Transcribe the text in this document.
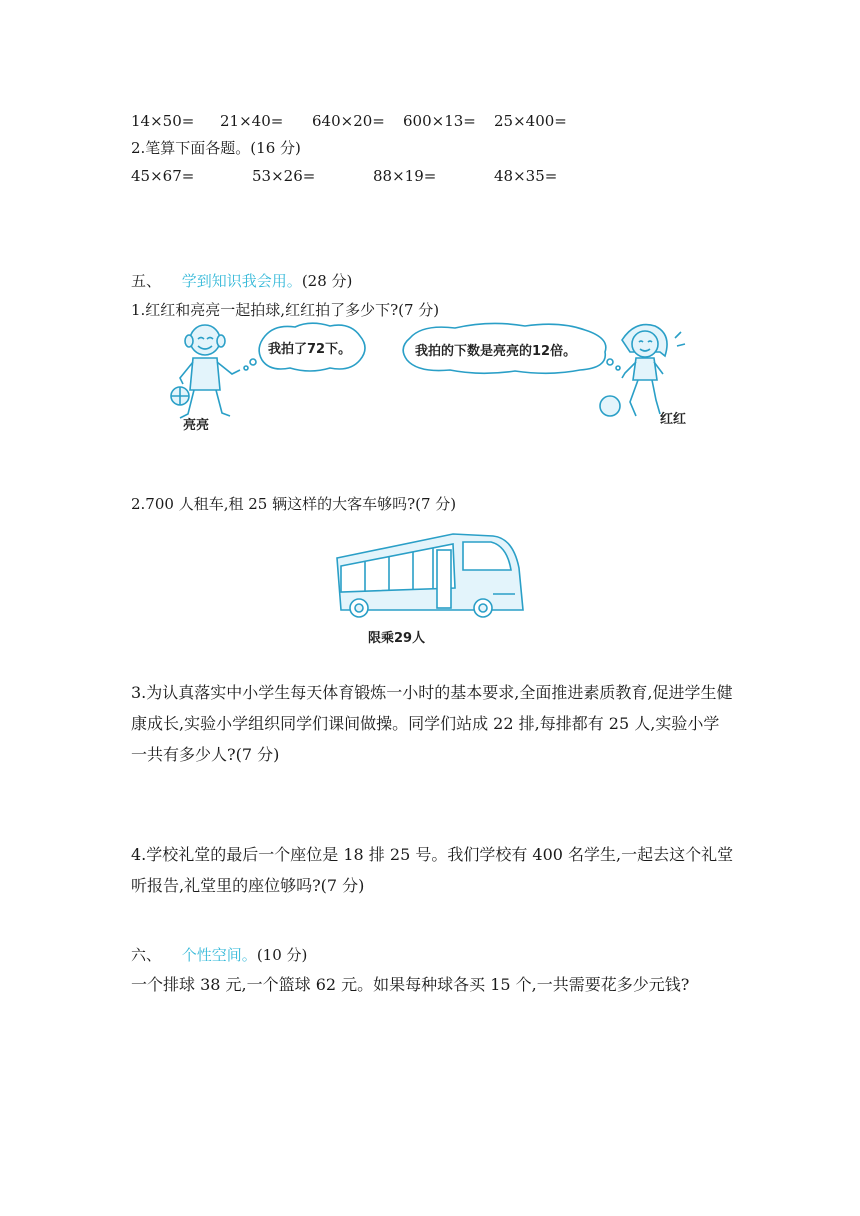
14×50= 21×40= 640×20= 600×13= 25×400=
2.笔算下面各题。(16 分)
45×67=	53×26=	88×19=	48×35=
五、 学到知识我会用。(28 分)
1.红红和亮亮一起拍球,红红拍了多少下?(7 分)
我拍了72下。	我拍的下数是亮亮的12倍。
亮亮	红红
2.700 人租车,租 25 辆这样的大客车够吗?(7 分)
限乘29人
3.为认真落实中小学生每天体育锻炼一小时的基本要求,全面推进素质教育,促进学生健康成长,实验小学组织同学们课间做操。同学们站成 22 排,每排都有 25 人,实验小学一共有多少人?(7 分)
4.学校礼堂的最后一个座位是 18 排 25 号。我们学校有 400 名学生,一起去这个礼堂听报告,礼堂里的座位够吗?(7 分)
六、 个性空间。(10 分)
一个排球 38 元,一个篮球 62 元。如果每种球各买 15 个,一共需要花多少元钱?
